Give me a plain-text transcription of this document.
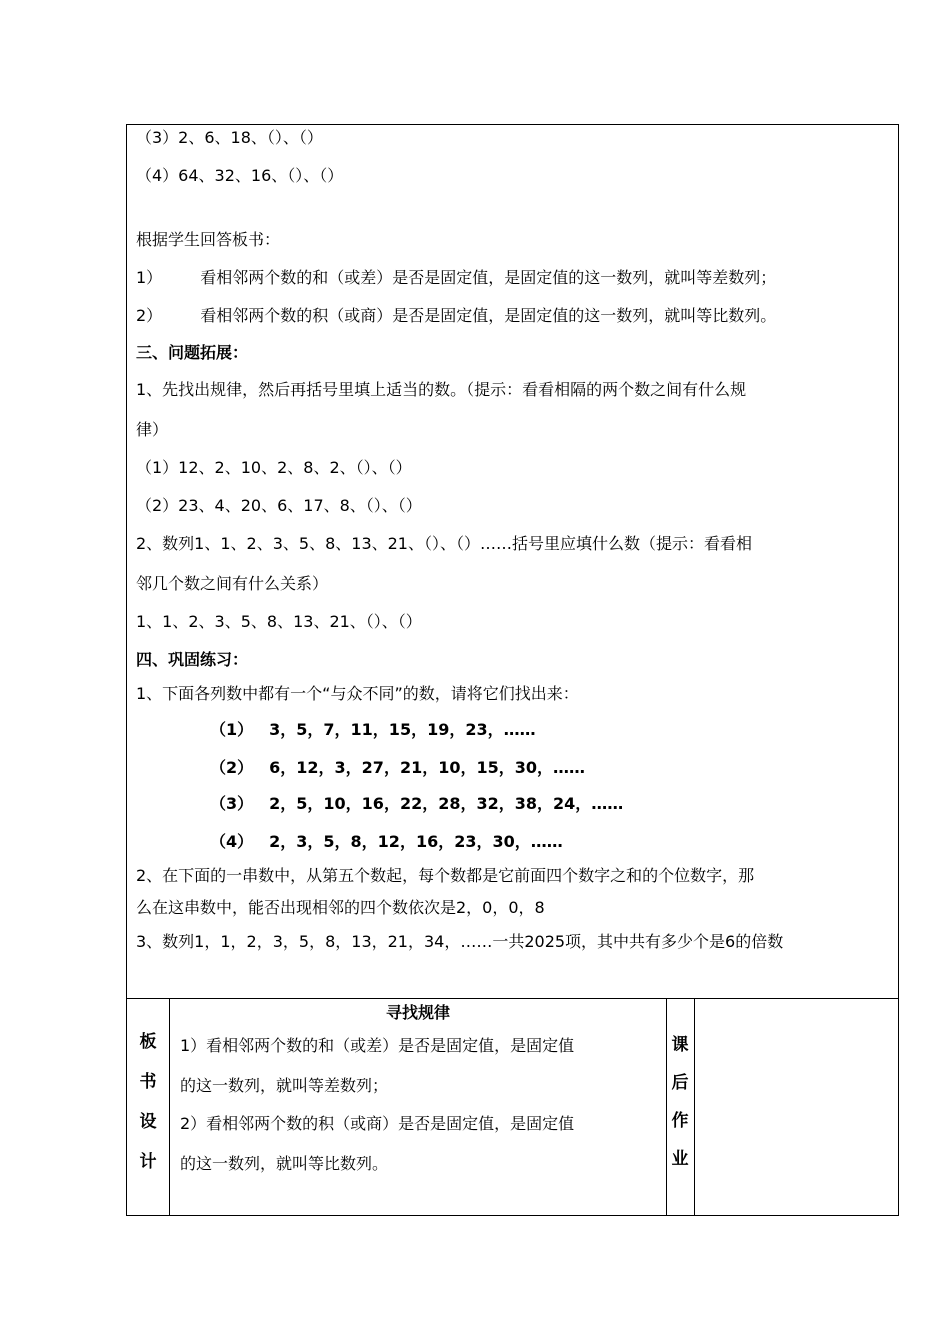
（3）2、6、18、（）、（）
（4）64、32、16、（）、（）
根据学生回答板书：
1） 看相邻两个数的和（或差）是否是固定值，是固定值的这一数列，就叫等差数列；
2） 看相邻两个数的积（或商）是否是固定值，是固定值的这一数列，就叫等比数列。
三、问题拓展：
1、先找出规律，然后再括号里填上适当的数。（提示：看看相隔的两个数之间有什么规
律）
（1）12、2、10、2、8、2、（）、（）
（2）23、4、20、6、17、8、（）、（）
2、数列1、1、2、3、5、8、13、21、（）、（）……括号里应填什么数（提示：看看相
邻几个数之间有什么关系）
1、1、2、3、5、8、13、21、（）、（）
四、巩固练习：
1、下面各列数中都有一个“与众不同”的数，请将它们找出来：
（1） 3，5，7，11，15，19，23，……
（2） 6，12，3，27，21，10，15，30，……
（3） 2，5，10，16，22，28，32，38，24，……
（4） 2，3，5，8，12，16，23，30，……
2、在下面的一串数中，从第五个数起，每个数都是它前面四个数字之和的个位数字，那
么在这串数中，能否出现相邻的四个数依次是2，0，0，8
3、数列1，1，2，3，5，8，13，21，34，……一共2025项，其中共有多少个是6的倍数
板
书
设
计
寻找规律
1）看相邻两个数的和（或差）是否是固定值，是固定值
的这一数列，就叫等差数列；
2）看相邻两个数的积（或商）是否是固定值，是固定值
的这一数列，就叫等比数列。
课
后
作
业
